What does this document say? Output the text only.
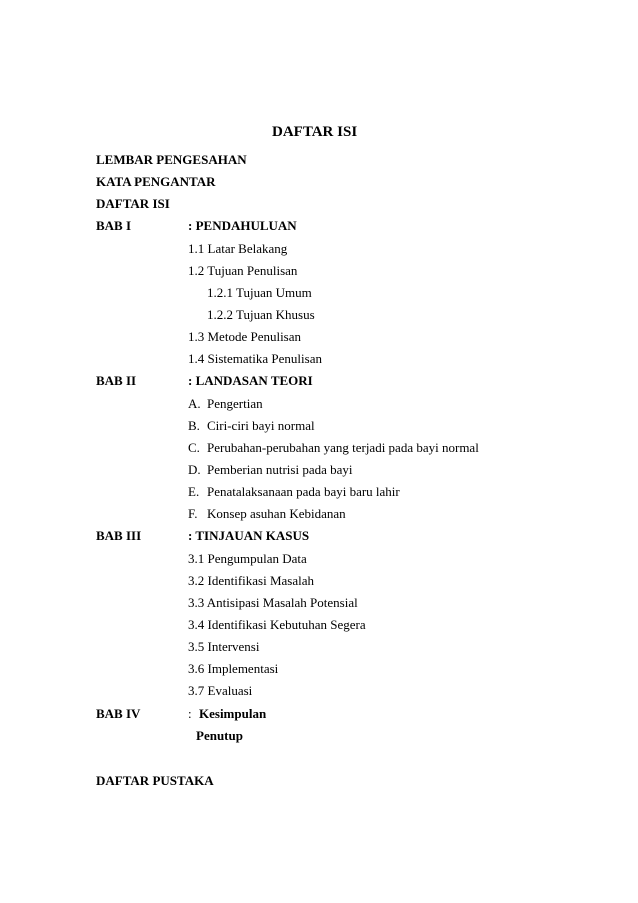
DAFTAR ISI
LEMBAR PENGESAHAN
KATA PENGANTAR
DAFTAR ISI
BAB I	: PENDAHULUAN
1.1 Latar Belakang
1.2 Tujuan Penulisan
1.2.1 Tujuan Umum
1.2.2 Tujuan Khusus
1.3 Metode Penulisan
1.4 Sistematika Penulisan
BAB II	: LANDASAN TEORI
A. Pengertian
B. Ciri-ciri bayi normal
C. Perubahan-perubahan yang terjadi pada bayi normal
D. Pemberian nutrisi pada bayi
E. Penatalaksanaan pada bayi baru lahir
F. Konsep asuhan Kebidanan
BAB III	: TINJAUAN KASUS
3.1 Pengumpulan Data
3.2 Identifikasi Masalah
3.3 Antisipasi Masalah Potensial
3.4 Identifikasi Kebutuhan Segera
3.5 Intervensi
3.6 Implementasi
3.7 Evaluasi
BAB IV	: Kesimpulan
Penutup
DAFTAR PUSTAKA
